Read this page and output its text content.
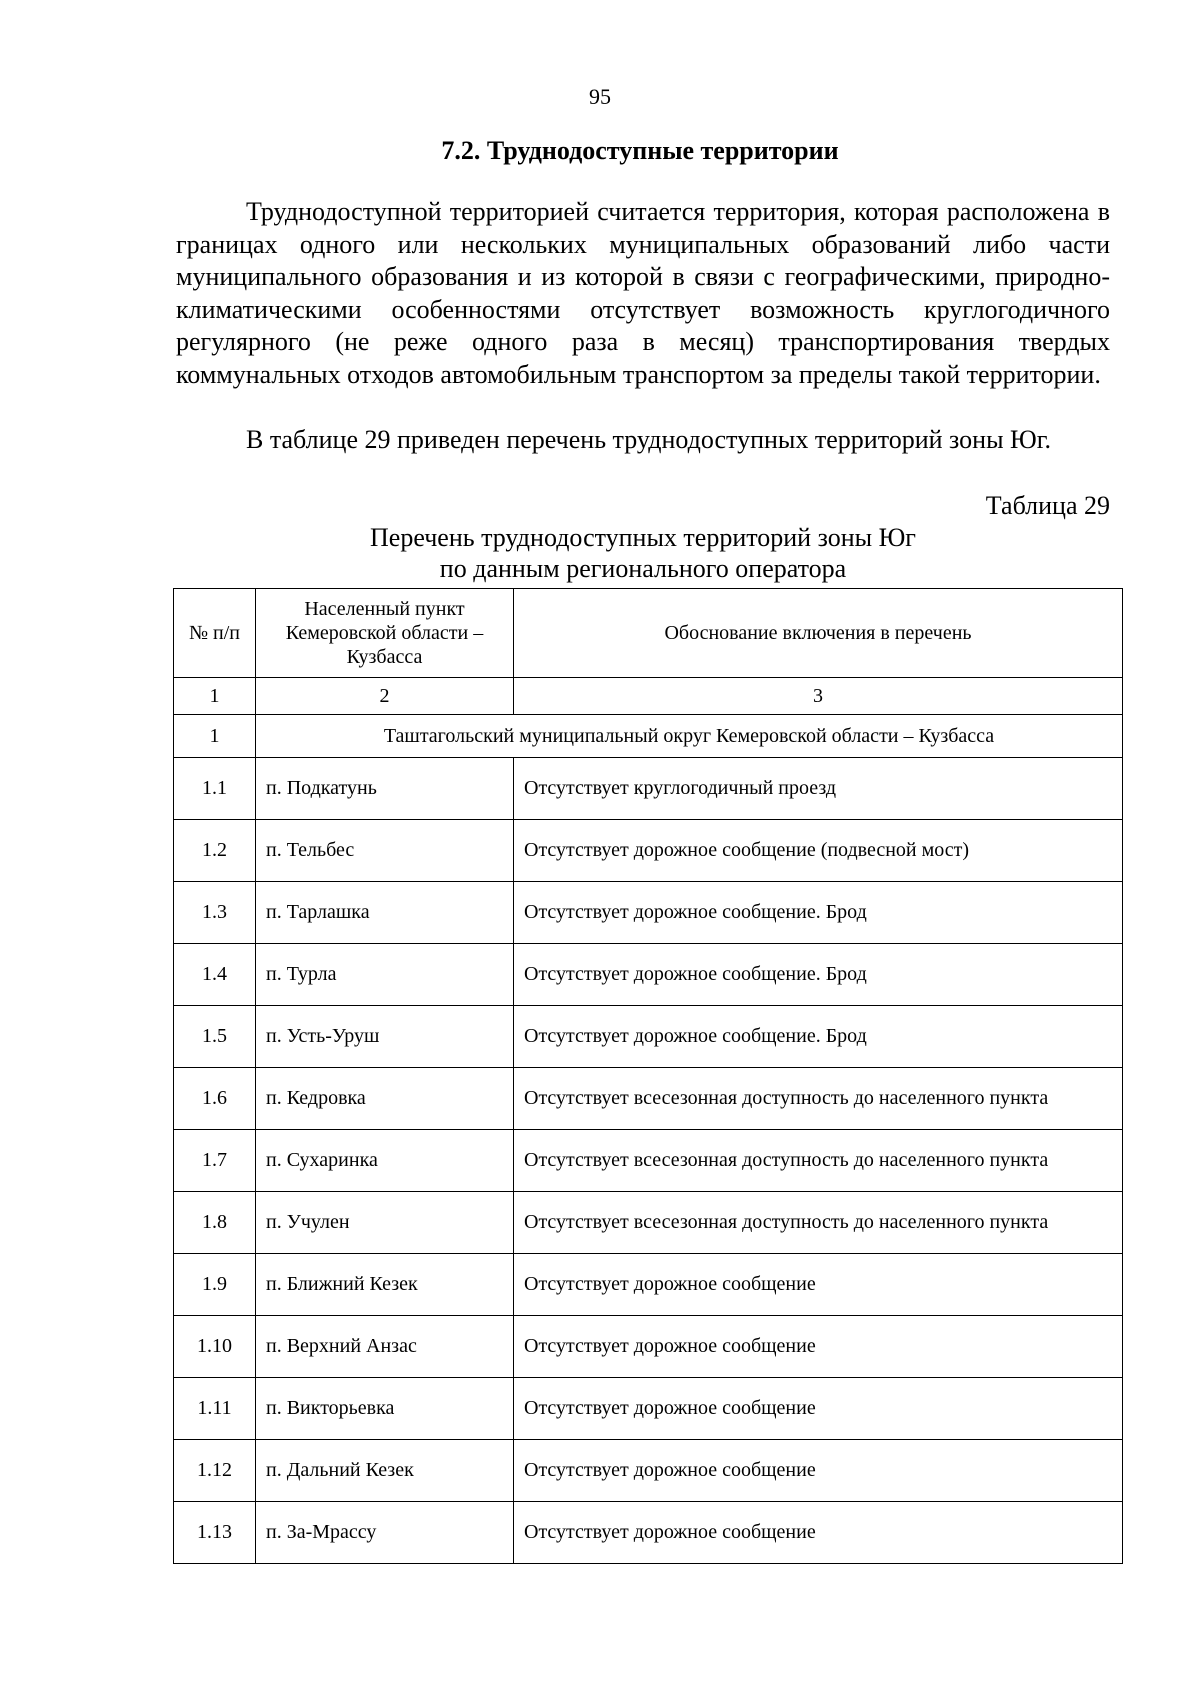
95
7.2. Труднодоступные территории
Труднодоступной территорией считается территория, которая расположена в границах одного или нескольких муниципальных образований либо части муниципального образования и из которой в связи с географическими, природно-климатическими особенностями отсутствует возможность круглогодичного регулярного (не реже одного раза в месяц) транспортирования твердых коммунальных отходов автомобильным транспортом за пределы такой территории.
В таблице 29 приведен перечень труднодоступных территорий зоны Юг.
Таблица 29
Перечень труднодоступных территорий зоны Юг
по данным регионального оператора
№ п/п	Населенный пункт Кемеровской области – Кузбасса	Обоснование включения в перечень
1	2	3
1	Таштагольский муниципальный округ Кемеровской области – Кузбасса	
1.1	п. Подкатунь	Отсутствует круглогодичный проезд
1.2	п. Тельбес	Отсутствует дорожное сообщение (подвесной мост)
1.3	п. Тарлашка	Отсутствует дорожное сообщение. Брод
1.4	п. Турла	Отсутствует дорожное сообщение. Брод
1.5	п. Усть-Уруш	Отсутствует дорожное сообщение. Брод
1.6	п. Кедровка	Отсутствует всесезонная доступность до населенного пункта
1.7	п. Сухаринка	Отсутствует всесезонная доступность до населенного пункта
1.8	п. Учулен	Отсутствует всесезонная доступность до населенного пункта
1.9	п. Ближний Кезек	Отсутствует дорожное сообщение
1.10	п. Верхний Анзас	Отсутствует дорожное сообщение
1.11	п. Викторьевка	Отсутствует дорожное сообщение
1.12	п. Дальний Кезек	Отсутствует дорожное сообщение
1.13	п. За-Мрассу	Отсутствует дорожное сообщение
